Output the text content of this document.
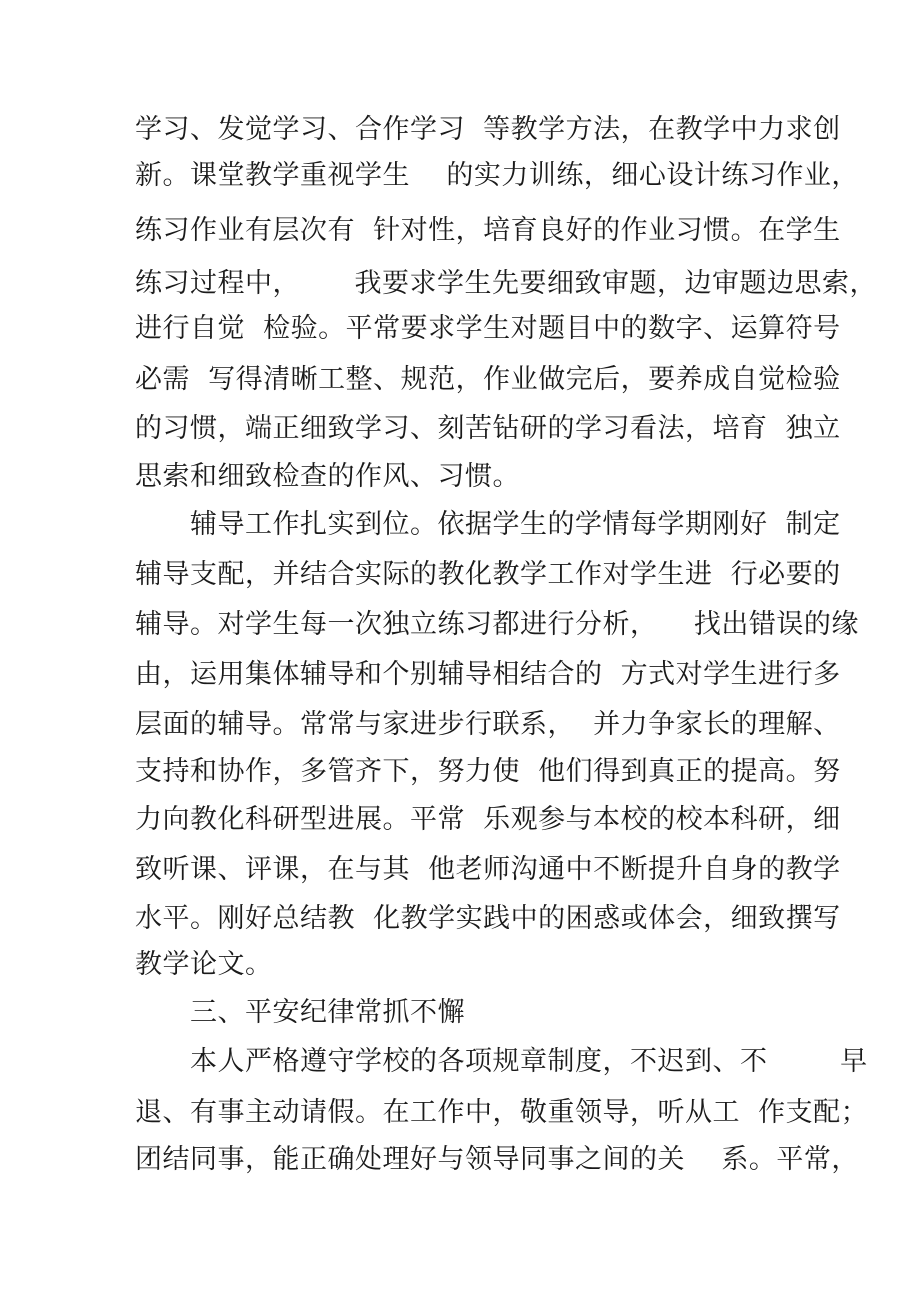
学习、发觉学习、合作学习  等教学方法，在教学中力求创
新。课堂教学重视学生    的实力训练，细心设计练习作业，
练习作业有层次有  针对性，培育良好的作业习惯。在学生
练习过程中，      我要求学生先要细致审题，边审题边思索，
进行自觉  检验。平常要求学生对题目中的数字、运算符号
必需  写得清晰工整、规范，作业做完后，要养成自觉检验
的习惯，端正细致学习、刻苦钻研的学习看法，培育  独立
思索和细致检查的作风、习惯。
辅导工作扎实到位。依据学生的学情每学期刚好  制定
辅导支配，并结合实际的教化教学工作对学生进  行必要的
辅导。对学生每一次独立练习都进行分析，    找出错误的缘
由，运用集体辅导和个别辅导相结合的  方式对学生进行多
层面的辅导。常常与家进步行联系，  并力争家长的理解、
支持和协作，多管齐下，努力使  他们得到真正的提高。努
力向教化科研型进展。平常  乐观参与本校的校本科研，细
致听课、评课，在与其  他老师沟通中不断提升自身的教学
水平。刚好总结教  化教学实践中的困惑或体会，细致撰写
教学论文。
三、平安纪律常抓不懈
本人严格遵守学校的各项规章制度，不迟到、不        早
退、有事主动请假。在工作中，敬重领导，听从工  作支配；
团结同事，能正确处理好与领导同事之间的关    系。平常，
